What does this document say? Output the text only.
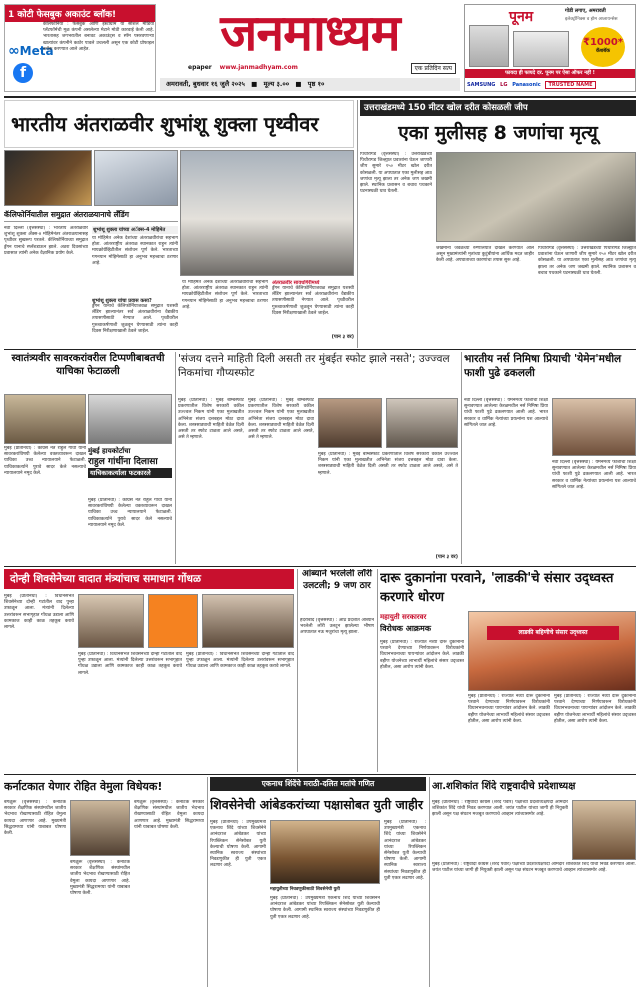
1 कोटी फेसबुक अकाउंट ब्लॉक!
∞Meta
f
कॅलिफोर्निया : फेसबुक आणि इंस्टाग्राम या सोशल मीडिया प्लॅटफॉर्मची मूळ कंपनी असलेल्या मेटाने मोठी कारवाई केली आहे. भारतासह जगभरातील बनावट अकाउंट्स व स्पॅम पसरवणाऱ्या खात्यांवर कंपनीने कठोर पावले उचलली असून एक कोटी प्रोफाइल ब्लॉक करण्यात आले आहेत.	जनमाध्यम
epaper www.janmadhyam.com	एक प्रतिदिन सत्य
अमरावती, बुधवार १६ जुलै २०२५ ■ मूल्य ३.०० ■ पृष्ठ १०
पूनम	गोडी लगाए, अमरावती
इलेक्ट्रॉनिक्स व होम अप्लायन्सेस
₹1000*
कॅशबॅक
फायदा ही फायदे दर. पूनम पर ऐसा ऑफर नहीं !
SAMSUNG LG Panasonic TRUSTED NAME
भारतीय अंतराळवीर शुभांशू शुक्ला पृथ्वीवर
कॅलिफोर्नियातील समुद्रात अंतराळयानाचे लँडिंग
नवी दिल्ली (वृत्तसंस्था) : भारतीय अंतराळवीर शुभांशू शुक्ला अ‍ॅक्स-४ मोहिमेनंतर अंतराळयानासह पृथ्वीवर सुखरूप परतले. कॅलिफोर्नियाच्या समुद्रात ड्रॅगन यानाचे स्प्लॅशडाऊन झाले. अठरा दिवसांच्या प्रवासात त्यांनी अनेक वैज्ञानिक प्रयोग केले.
शुभांशू शुक्ला यांच्या अॅक्स-4 मोहिमेत
या मोहिमेत अनेक देशांच्या अंतराळवीरांचा सहभाग होता. आंतरराष्ट्रीय अंतराळ स्थानकात राहून त्यांनी मायक्रोग्रॅव्हिटीतील संशोधन पूर्ण केले. भारताच्या गगनयान मोहिमेसाठी हा अनुभव महत्त्वाचा ठरणार आहे.
शुभांशू शुक्ला यांचा प्रवास कसा?
ड्रॅगन यानाचे कॅलिफोर्नियाजवळ समुद्रात यशस्वी लँडिंग झाल्यानंतर सर्व अंतराळवीरांना वैद्यकीय तपासणीसाठी नेण्यात आले. पृथ्वीवरील गुरुत्वाकर्षणाशी जुळवून घेण्यासाठी त्यांना काही दिवस निरीक्षणाखाली ठेवले जाईल.
या मोहिमेत अनेक देशांच्या अंतराळवीरांचा सहभाग होता. आंतरराष्ट्रीय अंतराळ स्थानकात राहून त्यांनी मायक्रोग्रॅव्हिटीतील संशोधन पूर्ण केले. भारताच्या गगनयान मोहिमेसाठी हा अनुभव महत्त्वाचा ठरणार आहे.
अंतराळवीर सावधगिरीमध्ये
ड्रॅगन यानाचे कॅलिफोर्नियाजवळ समुद्रात यशस्वी लँडिंग झाल्यानंतर सर्व अंतराळवीरांना वैद्यकीय तपासणीसाठी नेण्यात आले. पृथ्वीवरील गुरुत्वाकर्षणाशी जुळवून घेण्यासाठी त्यांना काही दिवस निरीक्षणाखाली ठेवले जाईल.
(पान ३ वर)
उत्तराखंडमध्ये 150 मीटर खोल दरीत कोसळली जीप
एका मुलीसह 8 जणांचा मृत्यू
पिथौरागड (वृत्तसंस्था) : उत्तराखंडच्या पिथौरागड जिल्ह्यात प्रवाशांना घेऊन जाणारी जीप सुमारे १५० मीटर खोल दरीत कोसळली. या अपघातात एका मुलीसह आठ जणांचा मृत्यू झाला तर अनेक जण जखमी झाले. स्थानिक प्रशासन व बचाव पथकाने घटनास्थळी धाव घेतली.
जखमींना जवळच्या रुग्णालयात दाखल करण्यात आले असून मुख्यमंत्र्यांनी मृतांच्या कुटुंबीयांना आर्थिक मदत जाहीर केली आहे. अपघाताच्या कारणांचा तपास सुरू आहे.
पिथौरागड (वृत्तसंस्था) : उत्तराखंडच्या पिथौरागड जिल्ह्यात प्रवाशांना घेऊन जाणारी जीप सुमारे १५० मीटर खोल दरीत कोसळली. या अपघातात एका मुलीसह आठ जणांचा मृत्यू झाला तर अनेक जण जखमी झाले. स्थानिक प्रशासन व बचाव पथकाने घटनास्थळी धाव घेतली.
स्वातंत्र्यवीर सावरकरांवरील टिप्पणीबाबतची याचिका फेटाळली
मुंबई हायकोर्टाचा
राहुल गांधींना दिलासा
याचिकाकर्त्याला फटकारले
मुंबई (प्रतिनिधी) : काँग्रेस नेते राहुल गांधी यांनी सावरकरांविषयी केलेल्या वक्तव्यावरून दाखल याचिका उच्च न्यायालयाने फेटाळली. याचिकाकर्त्याने पुरावे सादर केले नसल्याचे न्यायालयाने नमूद केले.
मुंबई (प्रतिनिधी) : काँग्रेस नेते राहुल गांधी यांनी सावरकरांविषयी केलेल्या वक्तव्यावरून दाखल याचिका उच्च न्यायालयाने फेटाळली. याचिकाकर्त्याने पुरावे सादर केले नसल्याचे न्यायालयाने नमूद केले.
'संजय दत्तने माहिती दिली असती तर मुंबईत स्फोट झाले नसते'; उज्ज्वल निकमांचा गौप्यस्फोट
मुंबई (प्रतिनिधी) : मुंबई बॉम्बस्फोट प्रकरणातील विशेष सरकारी वकील उज्ज्वल निकम यांनी एका मुलाखतीत अभिनेता संजय दत्तबद्दल मोठा दावा केला. शस्त्रसाठ्याची माहिती वेळेत दिली असती तर स्फोट टाळता आले असते, असे ते म्हणाले.
मुंबई (प्रतिनिधी) : मुंबई बॉम्बस्फोट प्रकरणातील विशेष सरकारी वकील उज्ज्वल निकम यांनी एका मुलाखतीत अभिनेता संजय दत्तबद्दल मोठा दावा केला. शस्त्रसाठ्याची माहिती वेळेत दिली असती तर स्फोट टाळता आले असते, असे ते म्हणाले.
मुंबई (प्रतिनिधी) : मुंबई बॉम्बस्फोट प्रकरणातील विशेष सरकारी वकील उज्ज्वल निकम यांनी एका मुलाखतीत अभिनेता संजय दत्तबद्दल मोठा दावा केला. शस्त्रसाठ्याची माहिती वेळेत दिली असती तर स्फोट टाळता आले असते, असे ते म्हणाले.
(पान ३ वर)
भारतीय नर्स निमिषा प्रियाची 'येमेन'मधील फाशी पुढे ढकलली
नवी दिल्ली (वृत्तसंस्था) : येमेनमध्ये फाशीची शिक्षा सुनावण्यात आलेल्या केरळमधील नर्स निमिषा प्रिया यांची फाशी पुढे ढकलण्यात आली आहे. भारत सरकार व धार्मिक नेत्यांच्या प्रयत्नांना यश आल्याचे सांगितले जात आहे.
नवी दिल्ली (वृत्तसंस्था) : येमेनमध्ये फाशीची शिक्षा सुनावण्यात आलेल्या केरळमधील नर्स निमिषा प्रिया यांची फाशी पुढे ढकलण्यात आली आहे. भारत सरकार व धार्मिक नेत्यांच्या प्रयत्नांना यश आल्याचे सांगितले जात आहे.
दोन्ही शिवसेनेच्या वादात मंत्र्यांचाच समाधान गोंधळ
मुंबई (प्रतिनिधी) : विधानसभेत शिवसेनेच्या दोन्ही गटांतील वाद पुन्हा उफाळून आला. मंत्र्यांनी दिलेल्या उत्तरांवरून सभागृहात गोंधळ उडाला आणि कामकाज काही काळ तहकूब करावे लागले.
मुंबई (प्रतिनिधी) : विधानसभेत शिवसेनेच्या दोन्ही गटांतील वाद पुन्हा उफाळून आला. मंत्र्यांनी दिलेल्या उत्तरांवरून सभागृहात गोंधळ उडाला आणि कामकाज काही काळ तहकूब करावे लागले.
मुंबई (प्रतिनिधी) : विधानसभेत शिवसेनेच्या दोन्ही गटांतील वाद पुन्हा उफाळून आला. मंत्र्यांनी दिलेल्या उत्तरांवरून सभागृहात गोंधळ उडाला आणि कामकाज काही काळ तहकूब करावे लागले.
आंब्याने भरलेली लॉरी उलटली; 9 जण ठार
हैदराबाद (वृत्तसंस्था) : आंध्र प्रदेशात आंब्याने भरलेली लॉरी उलटून झालेल्या भीषण अपघातात नऊ मजुरांचा मृत्यू झाला.
दारू दुकानांना परवाने, 'लाडकी'चे संसार उद्ध्वस्त करणारे धोरण
महायुती सरकारवर
विरोधक आक्रमक	लाडकी बहिणीचे संसार उद्ध्वस्त
मुंबई (प्रतिनिधी) : राज्यात नव्या दारू दुकानांना परवाने देण्याच्या निर्णयावरून विरोधकांनी विधानभवनाच्या पायऱ्यांवर आंदोलन केले. लाडकी बहीण योजनेच्या लाभार्थी महिलांचे संसार उद्ध्वस्त होतील, असा आरोप त्यांनी केला.
मुंबई (प्रतिनिधी) : राज्यात नव्या दारू दुकानांना परवाने देण्याच्या निर्णयावरून विरोधकांनी विधानभवनाच्या पायऱ्यांवर आंदोलन केले. लाडकी बहीण योजनेच्या लाभार्थी महिलांचे संसार उद्ध्वस्त होतील, असा आरोप त्यांनी केला.
मुंबई (प्रतिनिधी) : राज्यात नव्या दारू दुकानांना परवाने देण्याच्या निर्णयावरून विरोधकांनी विधानभवनाच्या पायऱ्यांवर आंदोलन केले. लाडकी बहीण योजनेच्या लाभार्थी महिलांचे संसार उद्ध्वस्त होतील, असा आरोप त्यांनी केला.
कर्नाटकात येणार रोहित वेमुला विधेयक!
बंगळुरू (वृत्तसंस्था) : कर्नाटक सरकार शैक्षणिक संस्थांमधील जातीय भेदभाव रोखण्यासाठी रोहित वेमुला कायदा आणणार आहे. मुख्यमंत्री सिद्धरामय्या यांनी याबाबत घोषणा केली.
बंगळुरू (वृत्तसंस्था) : कर्नाटक सरकार शैक्षणिक संस्थांमधील जातीय भेदभाव रोखण्यासाठी रोहित वेमुला कायदा आणणार आहे. मुख्यमंत्री सिद्धरामय्या यांनी याबाबत घोषणा केली.
बंगळुरू (वृत्तसंस्था) : कर्नाटक सरकार शैक्षणिक संस्थांमधील जातीय भेदभाव रोखण्यासाठी रोहित वेमुला कायदा आणणार आहे. मुख्यमंत्री सिद्धरामय्या यांनी याबाबत घोषणा केली.
एकनाथ शिंदेंचे मराठी-दलित मतांचे गणित
शिवसेनेची आंबेडकरांच्या पक्षासोबत युती जाहीर
मुंबई (प्रतिनिधी) : उपमुख्यमंत्री एकनाथ शिंदे यांच्या शिवसेनेने आनंदराज आंबेडकर यांच्या रिपब्लिकन सेनेसोबत युती केल्याची घोषणा केली. आगामी स्थानिक स्वराज्य संस्थांच्या निवडणुकीत ही युती एकत्र लढणार आहे.
महायुतीच्या निवडणुकीसाठी शिवसेनेची युती
मुंबई (प्रतिनिधी) : उपमुख्यमंत्री एकनाथ शिंदे यांच्या शिवसेनेने आनंदराज आंबेडकर यांच्या रिपब्लिकन सेनेसोबत युती केल्याची घोषणा केली. आगामी स्थानिक स्वराज्य संस्थांच्या निवडणुकीत ही युती एकत्र लढणार आहे.
मुंबई (प्रतिनिधी) : उपमुख्यमंत्री एकनाथ शिंदे यांच्या शिवसेनेने आनंदराज आंबेडकर यांच्या रिपब्लिकन सेनेसोबत युती केल्याची घोषणा केली. आगामी स्थानिक स्वराज्य संस्थांच्या निवडणुकीत ही युती एकत्र लढणार आहे.
आ.शशिकांत शिंदे राष्ट्रवादीचे प्रदेशाध्यक्ष
मुंबई (प्रतिनिधी) : राष्ट्रवादी काँग्रेस (शरद पवार) पक्षाच्या प्रदेशाध्यक्षपदी आमदार शशिकांत शिंदे यांची निवड करण्यात आली. जयंत पाटील यांच्या जागी ही नियुक्ती झाली असून पक्ष संघटन मजबूत करण्याचे आव्हान त्यांच्यासमोर आहे.
मुंबई (प्रतिनिधी) : राष्ट्रवादी काँग्रेस (शरद पवार) पक्षाच्या प्रदेशाध्यक्षपदी आमदार शशिकांत शिंदे यांची निवड करण्यात आली. जयंत पाटील यांच्या जागी ही नियुक्ती झाली असून पक्ष संघटन मजबूत करण्याचे आव्हान त्यांच्यासमोर आहे.
